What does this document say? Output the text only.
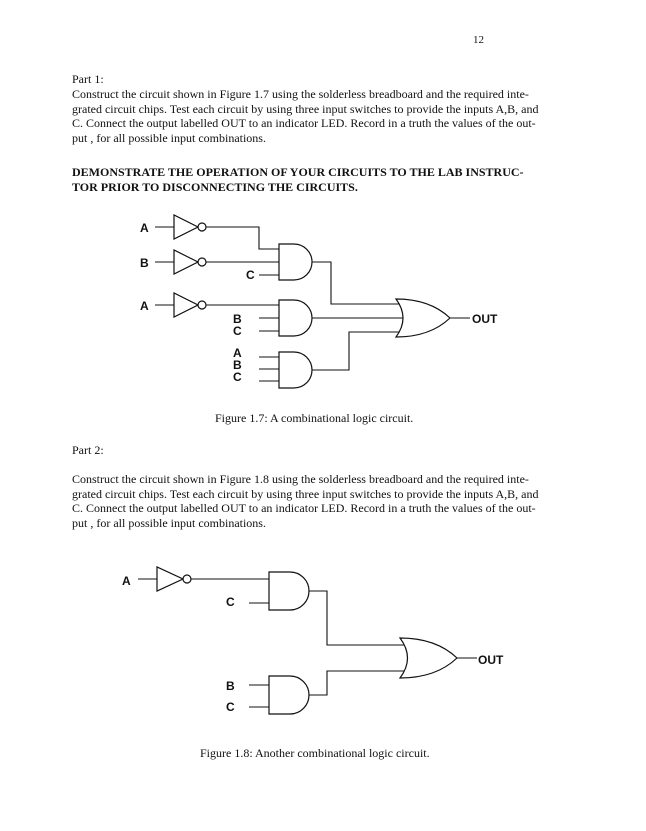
12
Part 1:
Construct the circuit shown in Figure 1.7 using the solderless breadboard and the required inte-
grated circuit chips. Test each circuit by using three input switches to provide the inputs A,B, and
C. Connect the output labelled OUT to an indicator LED. Record in a truth the values of the out-
put , for all possible input combinations.
DEMONSTRATE THE OPERATION OF YOUR CIRCUITS TO THE LAB INSTRUC-
TOR PRIOR TO DISCONNECTING THE CIRCUITS.
A
B
C
A
B
C
A
B
C
OUT
Figure 1.7: A combinational logic circuit.
Part 2:
Construct the circuit shown in Figure 1.8 using the solderless breadboard and the required inte-
grated circuit chips. Test each circuit by using three input switches to provide the inputs A,B, and
C. Connect the output labelled OUT to an indicator LED. Record in a truth the values of the out-
put , for all possible input combinations.
A
C
B
C
OUT
Figure 1.8: Another combinational logic circuit.
